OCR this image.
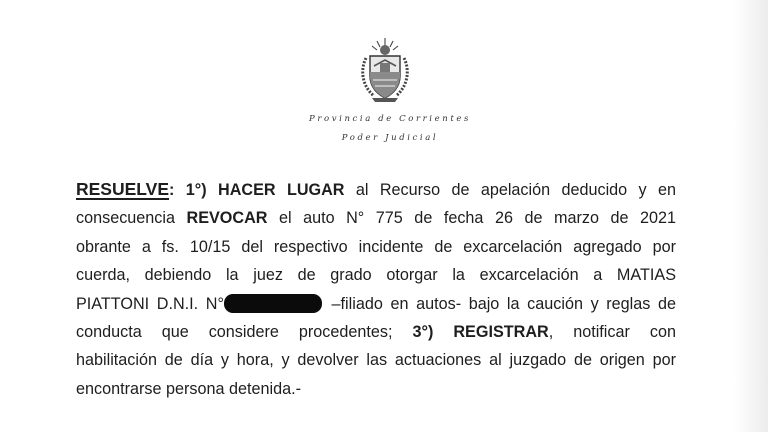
Provincia de Corrientes
Poder Judicial
RESUELVE: 1°) HACER LUGAR al Recurso de apelación deducido y en
consecuencia REVOCAR el auto N° 775 de fecha 26 de marzo de 2021
obrante a fs. 10/15 del respectivo incidente de excarcelación agregado por
cuerda, debiendo la juez de grado otorgar la excarcelación a MATIAS
PIATTONI D.N.I. N°	–filiado en autos- bajo la caución y reglas de
conducta que considere procedentes; 3°) REGISTRAR, notificar con
habilitación de día y hora, y devolver las actuaciones al juzgado de origen por
encontrarse persona detenida.-
